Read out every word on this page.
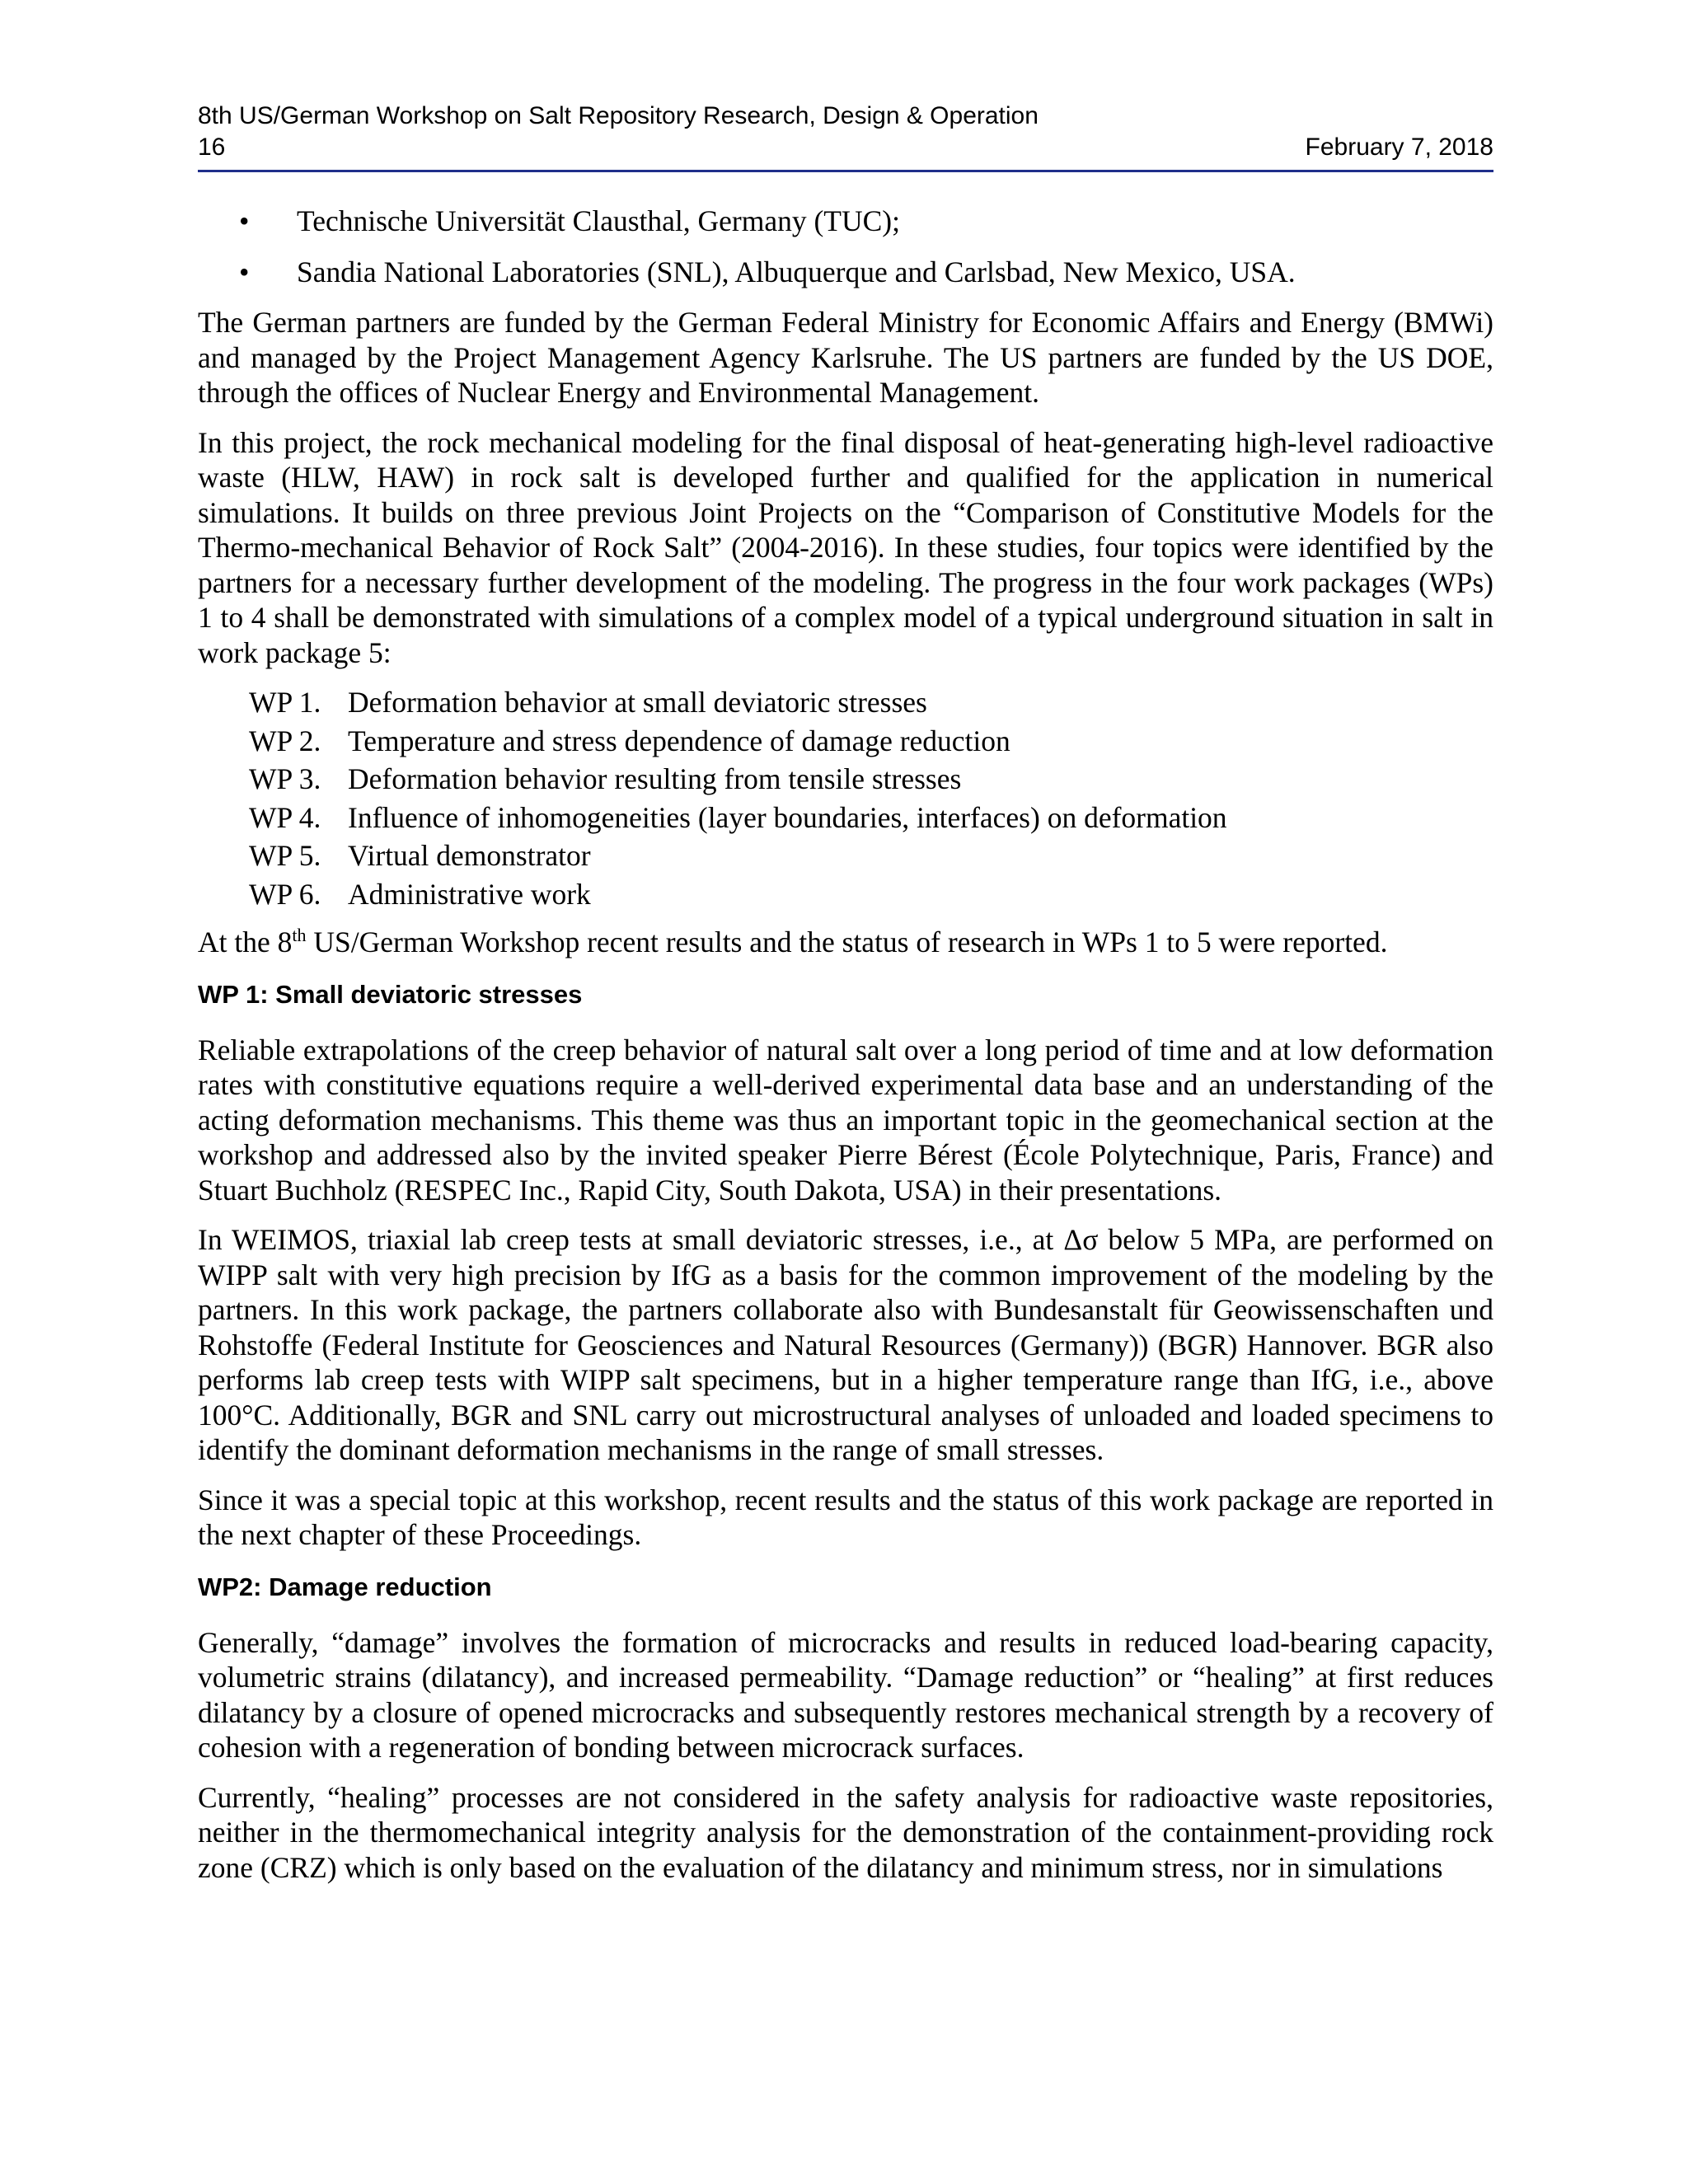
8th US/German Workshop on Salt Repository Research, Design & Operation
16	February 7, 2018
• Technische Universität Clausthal, Germany (TUC);
• Sandia National Laboratories (SNL), Albuquerque and Carlsbad, New Mexico, USA.

The German partners are funded by the German Federal Ministry for Economic Affairs and Energy (BMWi) and managed by the Project Management Agency Karlsruhe. The US partners are funded by the US DOE, through the offices of Nuclear Energy and Environmental Management.

In this project, the rock mechanical modeling for the final disposal of heat-generating high-level radioactive waste (HLW, HAW) in rock salt is developed further and qualified for the application in numerical simulations. It builds on three previous Joint Projects on the “Comparison of Constitutive Models for the Thermo-mechanical Behavior of Rock Salt” (2004-2016). In these studies, four topics were identified by the partners for a necessary further development of the modeling. The progress in the four work packages (WPs) 1 to 4 shall be demonstrated with simulations of a complex model of a typical underground situation in salt in work package 5:

WP 1. Deformation behavior at small deviatoric stresses
WP 2. Temperature and stress dependence of damage reduction
WP 3. Deformation behavior resulting from tensile stresses
WP 4. Influence of inhomogeneities (layer boundaries, interfaces) on deformation
WP 5. Virtual demonstrator
WP 6. Administrative work

At the 8th US/German Workshop recent results and the status of research in WPs 1 to 5 were reported.

WP 1: Small deviatoric stresses

Reliable extrapolations of the creep behavior of natural salt over a long period of time and at low deformation rates with constitutive equations require a well-derived experimental data base and an understanding of the acting deformation mechanisms. This theme was thus an important topic in the geomechanical section at the workshop and addressed also by the invited speaker Pierre Bérest (École Polytechnique, Paris, France) and Stuart Buchholz (RESPEC Inc., Rapid City, South Dakota, USA) in their presentations.

In WEIMOS, triaxial lab creep tests at small deviatoric stresses, i.e., at Δσ below 5 MPa, are performed on WIPP salt with very high precision by IfG as a basis for the common improvement of the modeling by the partners. In this work package, the partners collaborate also with Bundesanstalt für Geowissenschaften und Rohstoffe (Federal Institute for Geosciences and Natural Resources (Germany)) (BGR) Hannover. BGR also performs lab creep tests with WIPP salt specimens, but in a higher temperature range than IfG, i.e., above 100°C. Additionally, BGR and SNL carry out microstructural analyses of unloaded and loaded specimens to identify the dominant deformation mechanisms in the range of small stresses.

Since it was a special topic at this workshop, recent results and the status of this work package are reported in the next chapter of these Proceedings.

WP2: Damage reduction

Generally, “damage” involves the formation of microcracks and results in reduced load-bearing capacity, volumetric strains (dilatancy), and increased permeability. “Damage reduction” or “healing” at first reduces dilatancy by a closure of opened microcracks and subsequently restores mechanical strength by a recovery of cohesion with a regeneration of bonding between microcrack surfaces.

Currently, “healing” processes are not considered in the safety analysis for radioactive waste repositories, neither in the thermomechanical integrity analysis for the demonstration of the containment-providing rock zone (CRZ) which is only based on the evaluation of the dilatancy and minimum stress, nor in simulations
